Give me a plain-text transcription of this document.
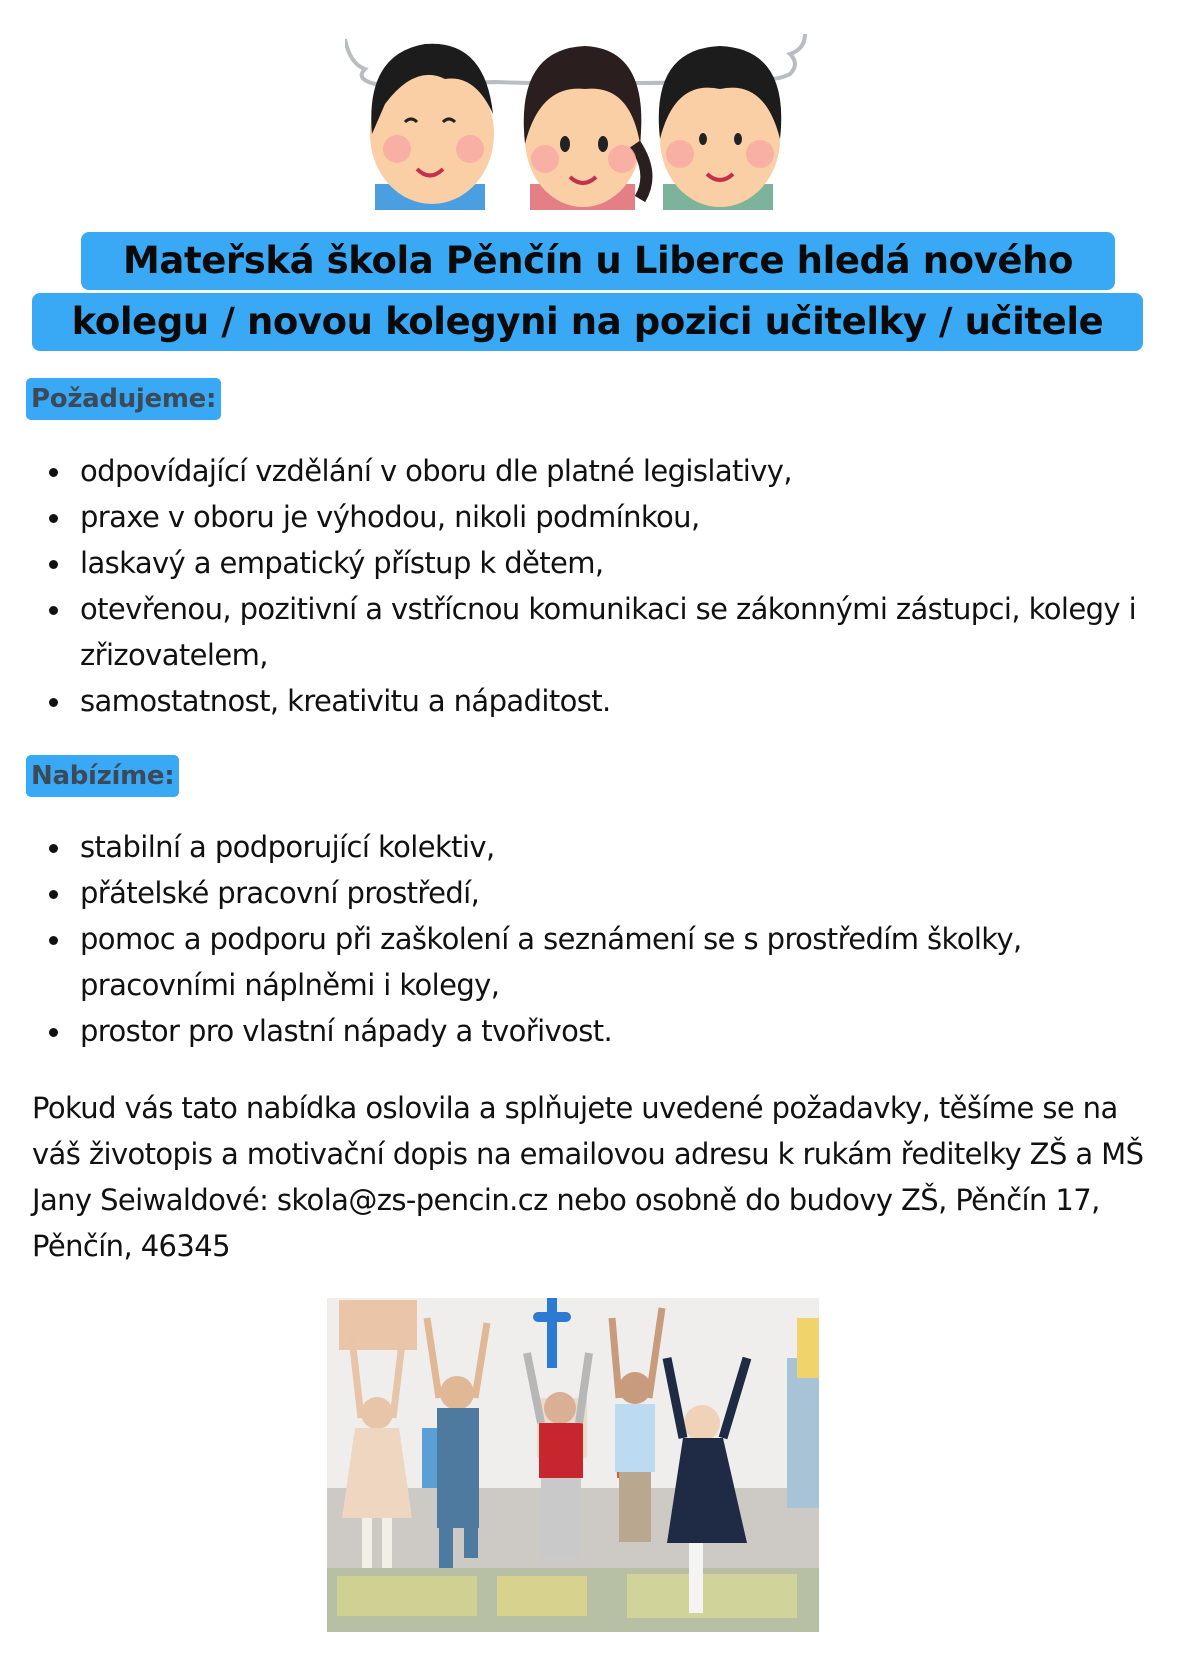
Mateřská škola Pěnčín u Liberce hledá nového
kolegu / novou kolegyni na pozici učitelky / učitele
Požadujeme:
odpovídající vzdělání v oboru dle platné legislativy,
praxe v oboru je výhodou, nikoli podmínkou,
laskavý a empatický přístup k dětem,
otevřenou, pozitivní a vstřícnou komunikaci se zákonnými zástupci, kolegy i zřizovatelem,
samostatnost, kreativitu a nápaditost.
Nabízíme:
stabilní a podporující kolektiv,
přátelské pracovní prostředí,
pomoc a podporu při zaškolení a seznámení se s prostředím školky, pracovními náplněmi i kolegy,
prostor pro vlastní nápady a tvořivost.

Pokud vás tato nabídka oslovila a splňujete uvedené požadavky, těšíme se na váš životopis a motivační dopis na emailovou adresu k rukám ředitelky ZŠ a MŠ Jany Seiwaldové: skola@zs-pencin.cz nebo osobně do budovy ZŠ, Pěnčín 17, Pěnčín, 46345
